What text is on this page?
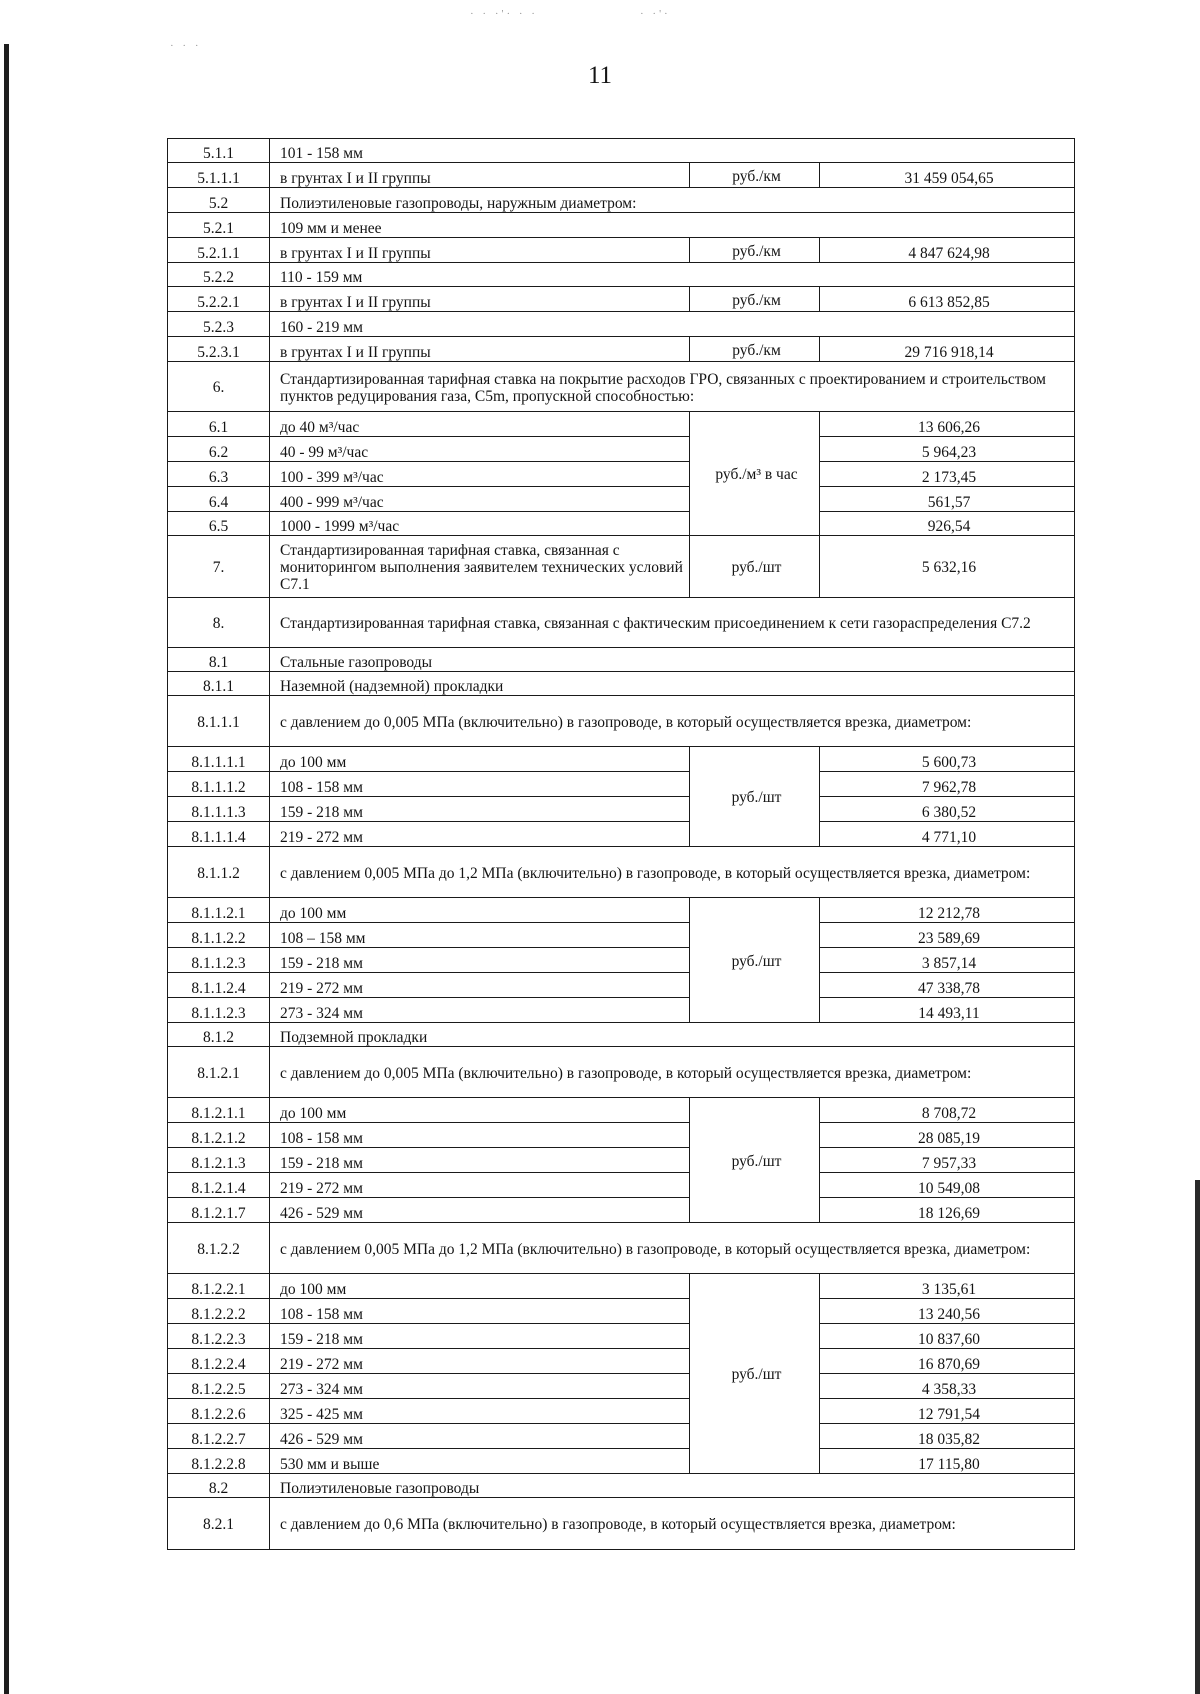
· · ·'· · ·	· ·'·
· · ·
11
5.1.1	101 - 158 мм		
5.1.1.1	в грунтах I и II группы	руб./км	31 459 054,65
5.2	Полиэтиленовые газопроводы, наружным диаметром:		
5.2.1	109 мм и менее		
5.2.1.1	в грунтах I и II группы	руб./км	4 847 624,98
5.2.2	110 - 159 мм		
5.2.2.1	в грунтах I и II группы	руб./км	6 613 852,85
5.2.3	160 - 219 мм		
5.2.3.1	в грунтах I и II группы	руб./км	29 716 918,14
6.	Стандартизированная тарифная ставка на покрытие расходов ГРО, связанных с проектированием и строительством пунктов редуцирования газа, C5m, пропускной способностью:		
6.1	до 40 м³/час	руб./м³ в час	13 606,26
6.2	40 - 99 м³/час		5 964,23
6.3	100 - 399 м³/час		2 173,45
6.4	400 - 999 м³/час		561,57
6.5	1000 - 1999 м³/час		926,54
7.	Стандартизированная тарифная ставка, связанная с мониторингом выполнения заявителем технических условий C7.1	руб./шт	5 632,16
8.	Стандартизированная тарифная ставка, связанная с фактическим присоединением к сети газораспределения C7.2		
8.1	Стальные газопроводы		
8.1.1	Наземной (надземной) прокладки		
8.1.1.1	с давлением до 0,005 МПа (включительно) в газопроводе, в который осуществляется врезка, диаметром:		
8.1.1.1.1	до 100 мм	руб./шт	5 600,73
8.1.1.1.2	108 - 158 мм		7 962,78
8.1.1.1.3	159 - 218 мм		6 380,52
8.1.1.1.4	219 - 272 мм		4 771,10
8.1.1.2	с давлением 0,005 МПа до 1,2 МПа (включительно) в газопроводе, в который осуществляется врезка, диаметром:		
8.1.1.2.1	до 100 мм	руб./шт	12 212,78
8.1.1.2.2	108 – 158 мм		23 589,69
8.1.1.2.3	159 - 218 мм		3 857,14
8.1.1.2.4	219 - 272 мм		47 338,78
8.1.1.2.3	273 - 324 мм		14 493,11
8.1.2	Подземной прокладки		
8.1.2.1	с давлением до 0,005 МПа (включительно) в газопроводе, в который осуществляется врезка, диаметром:		
8.1.2.1.1	до 100 мм	руб./шт	8 708,72
8.1.2.1.2	108 - 158 мм		28 085,19
8.1.2.1.3	159 - 218 мм		7 957,33
8.1.2.1.4	219 - 272 мм		10 549,08
8.1.2.1.7	426 - 529 мм		18 126,69
8.1.2.2	с давлением 0,005 МПа до 1,2 МПа (включительно) в газопроводе, в который осуществляется врезка, диаметром:		
8.1.2.2.1	до 100 мм	руб./шт	3 135,61
8.1.2.2.2	108 - 158 мм		13 240,56
8.1.2.2.3	159 - 218 мм		10 837,60
8.1.2.2.4	219 - 272 мм		16 870,69
8.1.2.2.5	273 - 324 мм		4 358,33
8.1.2.2.6	325 - 425 мм		12 791,54
8.1.2.2.7	426 - 529 мм		18 035,82
8.1.2.2.8	530 мм и выше		17 115,80
8.2	Полиэтиленовые газопроводы		
8.2.1	с давлением до 0,6 МПа (включительно) в газопроводе, в который осуществляется врезка, диаметром:		
